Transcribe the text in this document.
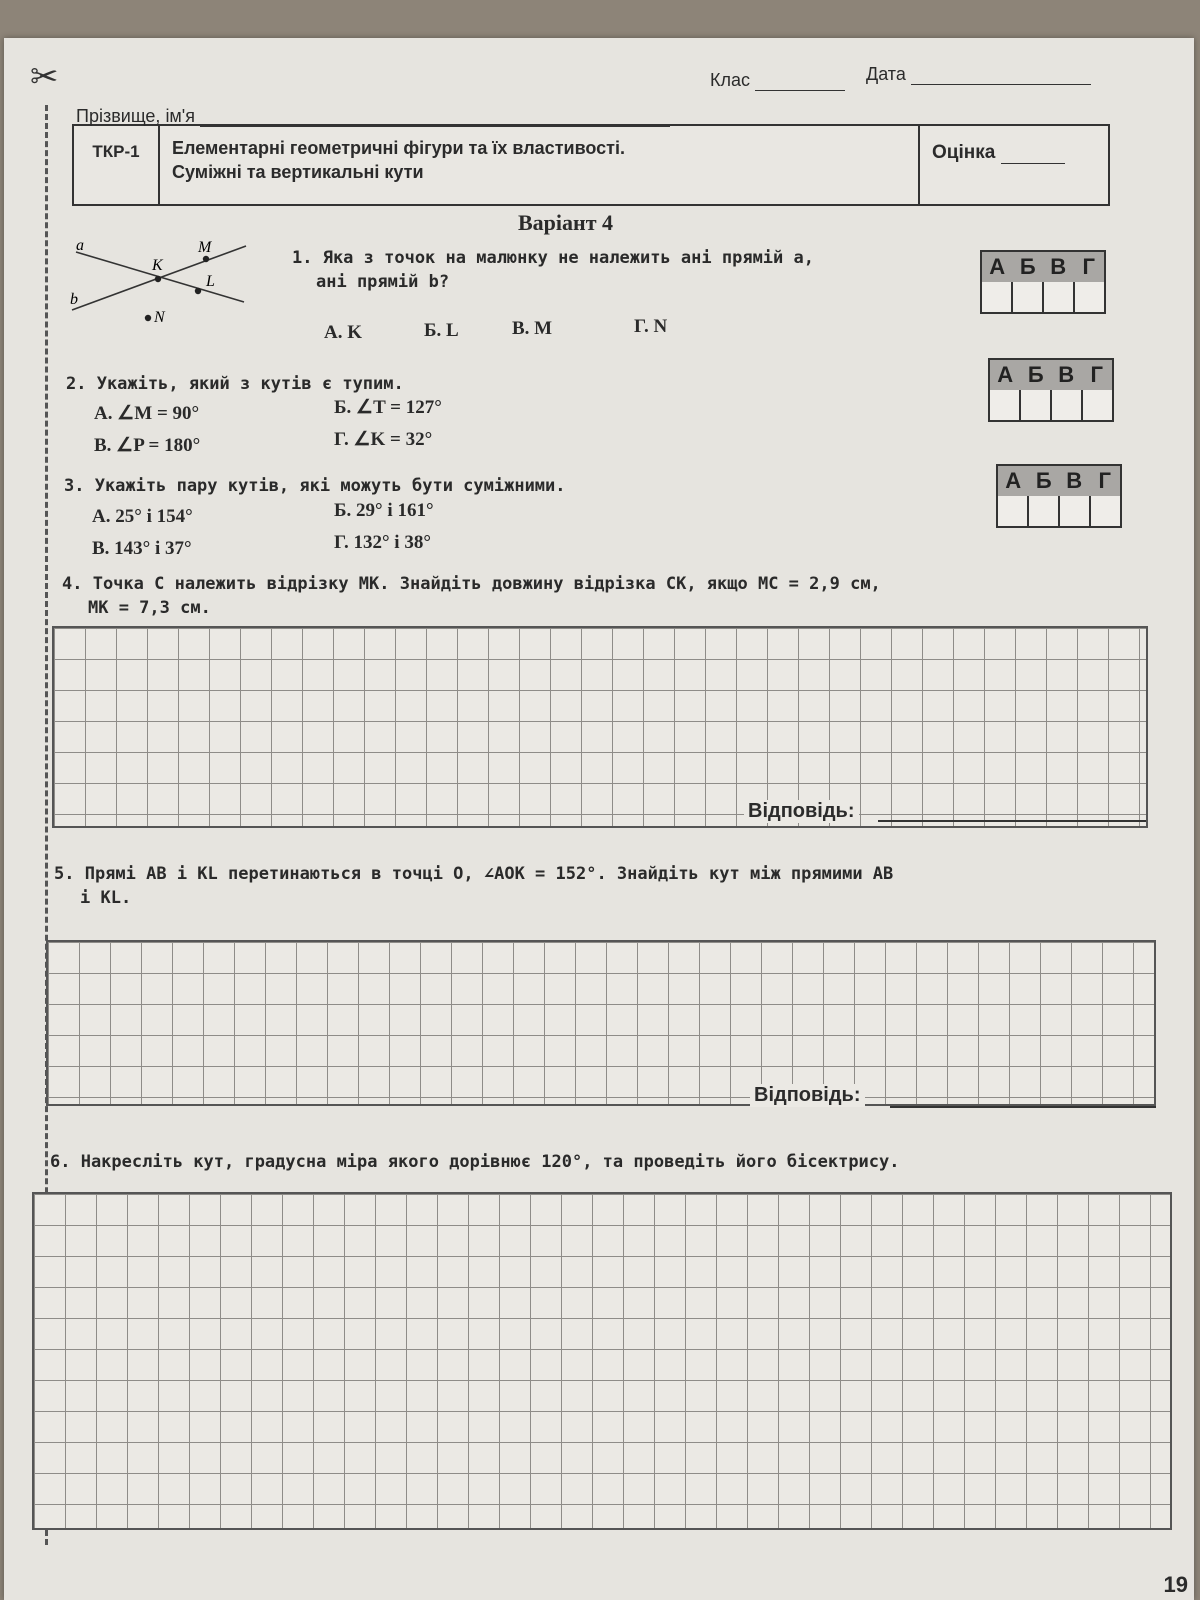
✂	Клас	Дата
Прізвище, ім'я
ТКР-1	Елементарні геометричні фігури та їх властивості.
Суміжні та вертикальні кути
Оцінка
Варіант 4
a	M
K
L
b
N
1. Яка з точок на малюнку не належить ані прямій a,
ані прямій b?
А. K	Б. L	В. M	Г. N
А Б В Г
2. Укажіть, який з кутів є тупим.
А. ∠M = 90°	Б. ∠T = 127°
В. ∠P = 180°	Г. ∠K = 32°
А Б В Г
3. Укажіть пару кутів, які можуть бути суміжними.
А. 25° і 154°	Б. 29° і 161°
В. 143° і 37°	Г. 132° і 38°
А Б В Г
4. Точка C належить відрізку MK. Знайдіть довжину відрізка CK, якщо MC = 2,9 см,
MK = 7,3 см.
Відповідь:
5. Прямі AB і KL перетинаються в точці O, ∠AOK = 152°. Знайдіть кут між прямими AB
і KL.
Відповідь:
6. Накресліть кут, градусна міра якого дорівнює 120°, та проведіть його бісектрису.
19
